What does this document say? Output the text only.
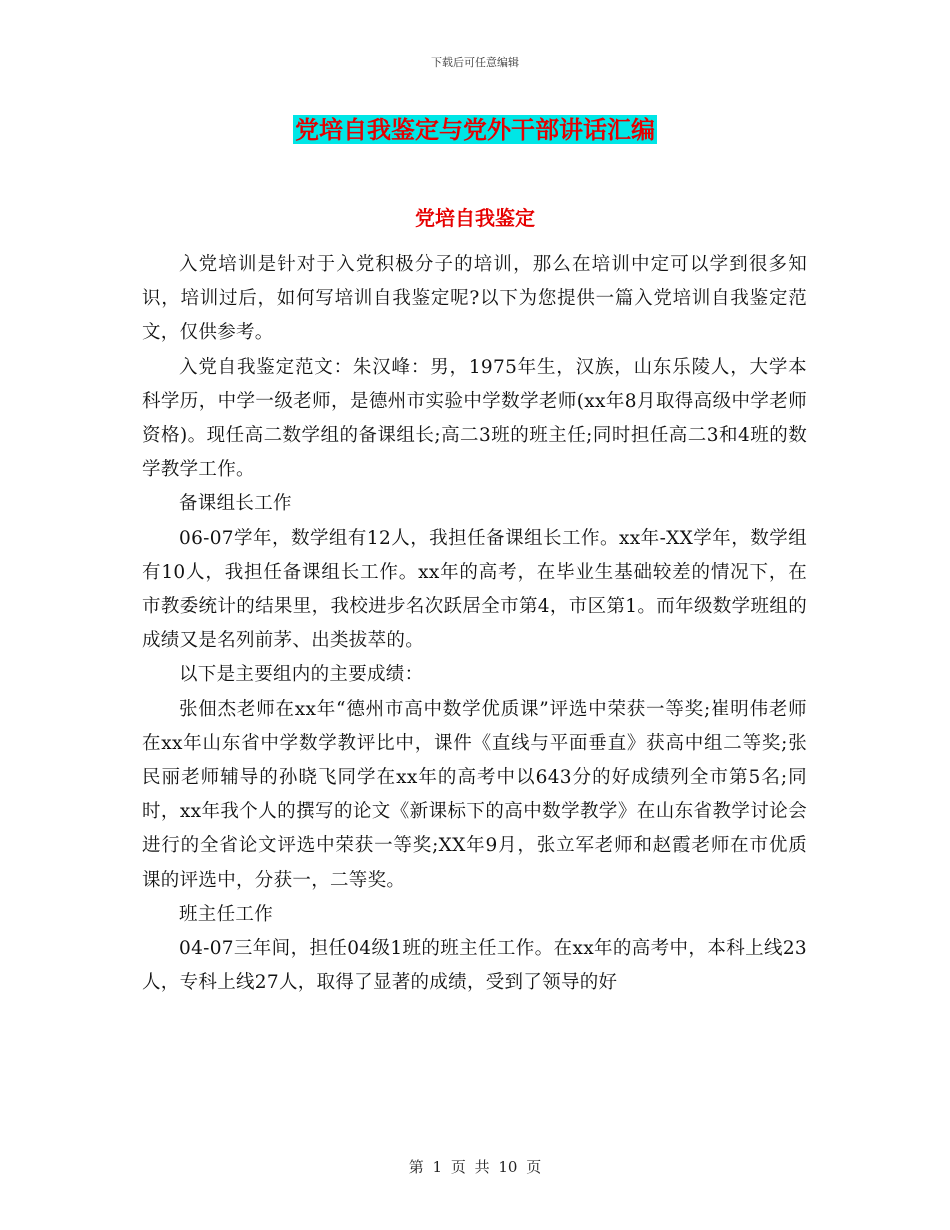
下载后可任意编辑
党培自我鉴定与党外干部讲话汇编
党培自我鉴定

入党培训是针对于入党积极分子的培训，那么在培训中定可以学到很多知识，培训过后，如何写培训自我鉴定呢?以下为您提供一篇入党培训自我鉴定范文，仅供参考。

入党自我鉴定范文：朱汉峰：男，1975年生，汉族，山东乐陵人，大学本科学历，中学一级老师，是德州市实验中学数学老师(xx年8月取得高级中学老师资格)。现任高二数学组的备课组长;高二3班的班主任;同时担任高二3和4班的数学教学工作。

备课组长工作

06-07学年，数学组有12人，我担任备课组长工作。xx年-XX学年，数学组有10人，我担任备课组长工作。xx年的高考，在毕业生基础较差的情况下，在市教委统计的结果里，我校进步名次跃居全市第4，市区第1。而年级数学班组的成绩又是名列前茅、出类拔萃的。

以下是主要组内的主要成绩：

张佃杰老师在xx年“德州市高中数学优质课”评选中荣获一等奖;崔明伟老师在xx年山东省中学数学教评比中，课件《直线与平面垂直》获高中组二等奖;张民丽老师辅导的孙晓飞同学在xx年的高考中以643分的好成绩列全市第5名;同时，xx年我个人的撰写的论文《新课标下的高中数学教学》在山东省教学讨论会进行的全省论文评选中荣获一等奖;XX年9月，张立军老师和赵霞老师在市优质课的评选中，分获一，二等奖。

班主任工作

04-07三年间，担任04级1班的班主任工作。在xx年的高考中，本科上线23人，专科上线27人，取得了显著的成绩，受到了领导的好

第 1 页 共 10 页
